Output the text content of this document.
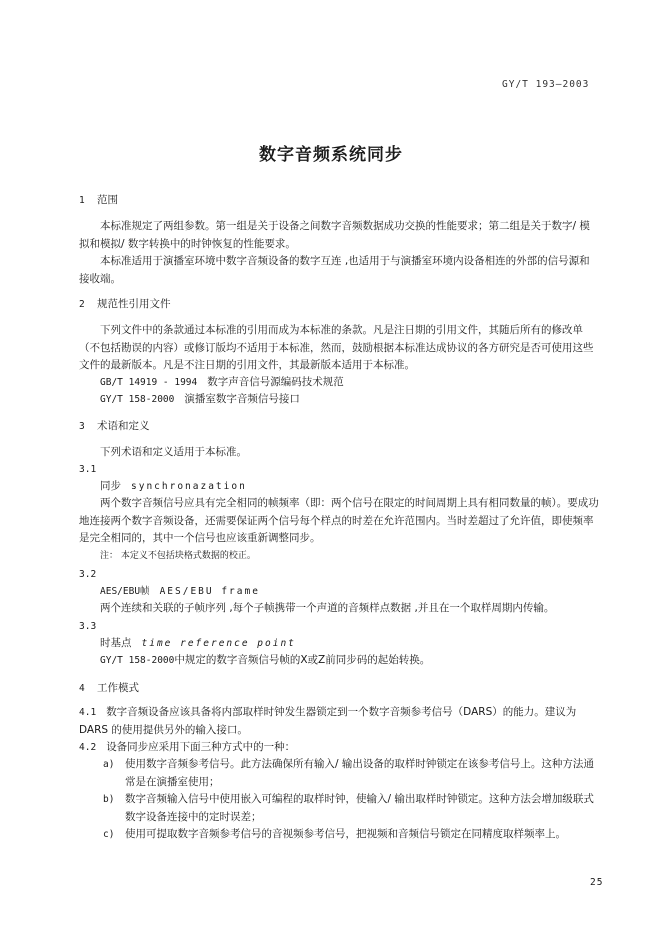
GY/T 193—2003
数字音频系统同步
1 范围

本标准规定了两组参数。第一组是关于设备之间数字音频数据成功交换的性能要求；第二组是关于数字/ 模拟和模拟/ 数字转换中的时钟恢复的性能要求。

本标准适用于演播室环境中数字音频设备的数字互连 ,也适用于与演播室环境内设备相连的外部的信号源和接收端。

2 规范性引用文件

下列文件中的条款通过本标准的引用而成为本标准的条款。凡是注日期的引用文件，其随后所有的修改单（不包括勘误的内容）或修订版均不适用于本标准，然而，鼓励根据本标准达成协议的各方研究是否可使用这些文件的最新版本。凡是不注日期的引用文件，其最新版本适用于本标准。

GB/T 14919 - 1994 数字声音信号源编码技术规范
GY/T 158-2000 演播室数字音频信号接口
3 术语和定义

下列术语和定义适用于本标准。

3.1
同步 synchronazation

两个数字音频信号应具有完全相同的帧频率（即：两个信号在限定的时间周期上具有相同数量的帧）。要成功地连接两个数字音频设备，还需要保证两个信号每个样点的时差在允许范围内。当时差超过了允许值，即使频率是完全相同的，其中一个信号也应该重新调整同步。

注： 本定义不包括块格式数据的校正。
3.2
AES/EBU帧 AES/EBU frame

两个连续和关联的子帧序列 ,每个子帧携带一个声道的音频样点数据 ,并且在一个取样周期内传输。

3.3
时基点 time reference point
GY/T 158-2000中规定的数字音频信号帧的X或Z前同步码的起始转换。
4 工作模式

4.1 数字音频设备应该具备将内部取样时钟发生器锁定到一个数字音频参考信号（DARS）的能力。建议为DARS 的使用提供另外的输入接口。

4.2 设备同步应采用下面三种方式中的一种：

a)	使用数字音频参考信号。此方法确保所有输入/ 输出设备的取样时钟锁定在该参考信号上。这种方法通常是在演播室使用；

b)	数字音频输入信号中使用嵌入可编程的取样时钟，使输入/ 输出取样时钟锁定。这种方法会增加级联式数字设备连接中的定时误差；

c)	使用可提取数字音频参考信号的音视频参考信号，把视频和音频信号锁定在同精度取样频率上。

25
